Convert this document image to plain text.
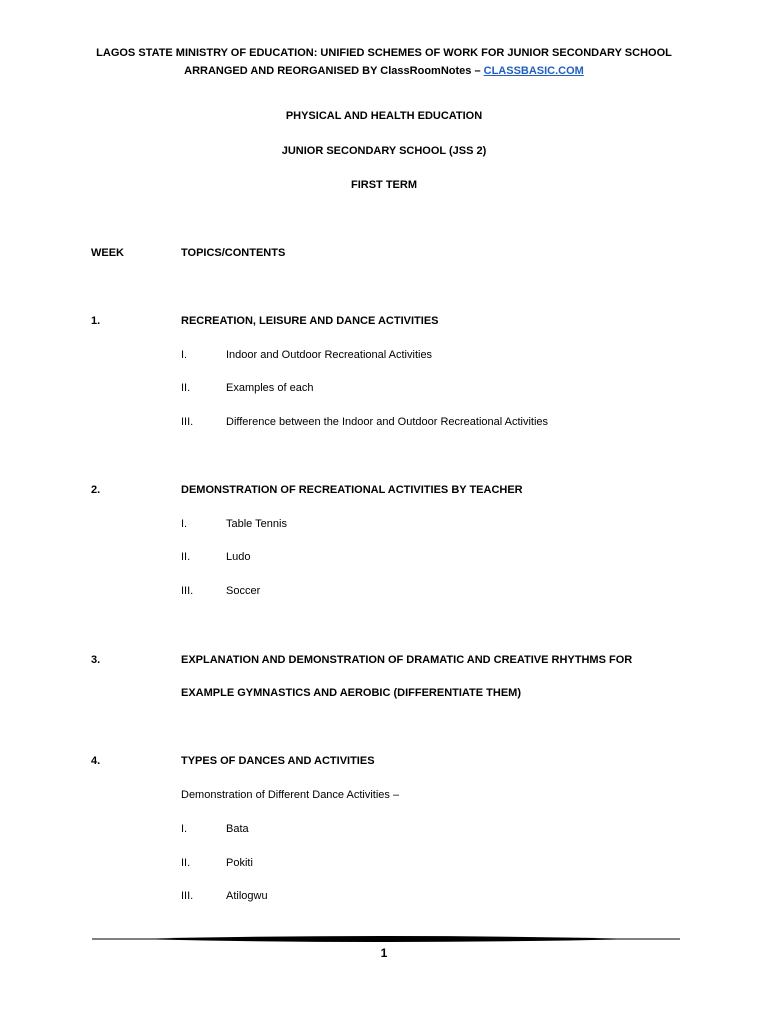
LAGOS STATE MINISTRY OF EDUCATION: UNIFIED SCHEMES OF WORK FOR JUNIOR SECONDARY SCHOOL
ARRANGED AND REORGANISED BY ClassRoomNotes – CLASSBASIC.COM
PHYSICAL AND HEALTH EDUCATION
JUNIOR SECONDARY SCHOOL (JSS 2)
FIRST TERM
WEEK	TOPICS/CONTENTS
1.	RECREATION, LEISURE AND DANCE ACTIVITIES
I.	Indoor and Outdoor Recreational Activities
II.	Examples of each
III.	Difference between the Indoor and Outdoor Recreational Activities
2.	DEMONSTRATION OF RECREATIONAL ACTIVITIES BY TEACHER
I.	Table Tennis
II.	Ludo
III.	Soccer
3.	EXPLANATION AND DEMONSTRATION OF DRAMATIC AND CREATIVE RHYTHMS FOR
EXAMPLE GYMNASTICS AND AEROBIC (DIFFERENTIATE THEM)
4.	TYPES OF DANCES AND ACTIVITIES
Demonstration of Different Dance Activities –
I.	Bata
II.	Pokiti
III.	Atilogwu
1
